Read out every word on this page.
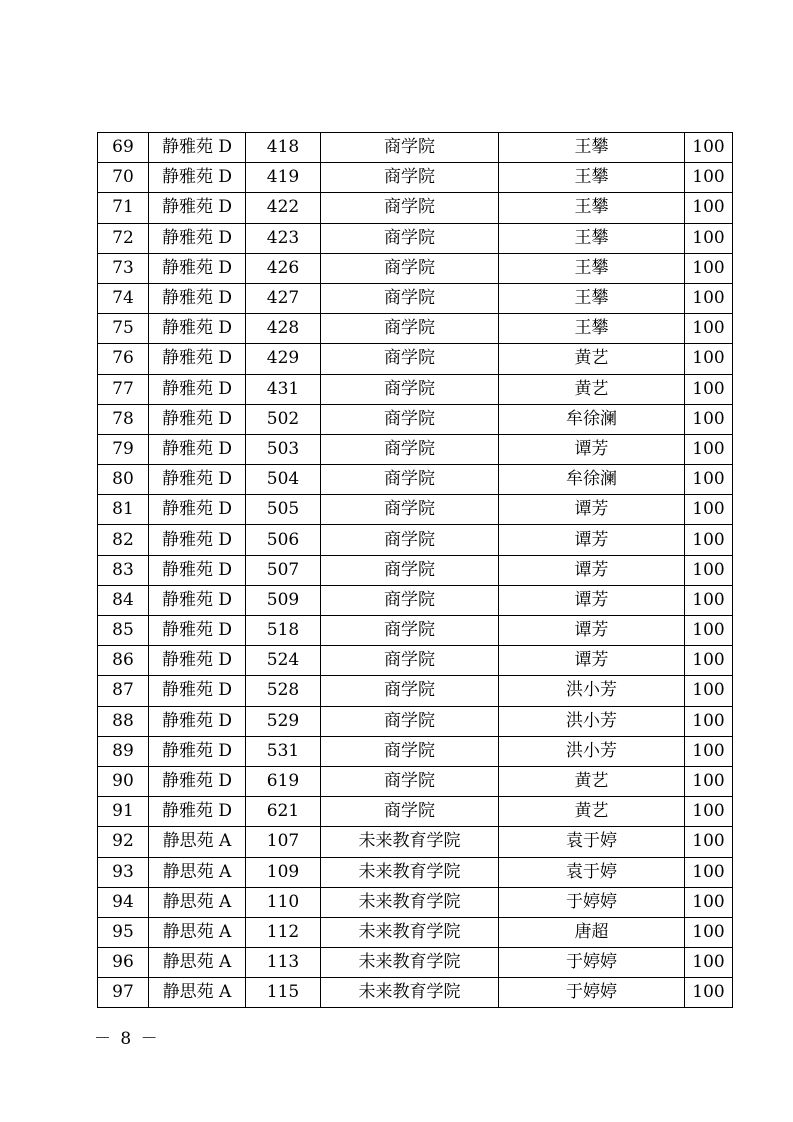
69	静雅苑 D	418	商学院	王攀	100
70	静雅苑 D	419	商学院	王攀	100
71	静雅苑 D	422	商学院	王攀	100
72	静雅苑 D	423	商学院	王攀	100
73	静雅苑 D	426	商学院	王攀	100
74	静雅苑 D	427	商学院	王攀	100
75	静雅苑 D	428	商学院	王攀	100
76	静雅苑 D	429	商学院	黄艺	100
77	静雅苑 D	431	商学院	黄艺	100
78	静雅苑 D	502	商学院	牟徐澜	100
79	静雅苑 D	503	商学院	谭芳	100
80	静雅苑 D	504	商学院	牟徐澜	100
81	静雅苑 D	505	商学院	谭芳	100
82	静雅苑 D	506	商学院	谭芳	100
83	静雅苑 D	507	商学院	谭芳	100
84	静雅苑 D	509	商学院	谭芳	100
85	静雅苑 D	518	商学院	谭芳	100
86	静雅苑 D	524	商学院	谭芳	100
87	静雅苑 D	528	商学院	洪小芳	100
88	静雅苑 D	529	商学院	洪小芳	100
89	静雅苑 D	531	商学院	洪小芳	100
90	静雅苑 D	619	商学院	黄艺	100
91	静雅苑 D	621	商学院	黄艺	100
92	静思苑 A	107	未来教育学院	袁于婷	100
93	静思苑 A	109	未来教育学院	袁于婷	100
94	静思苑 A	110	未来教育学院	于婷婷	100
95	静思苑 A	112	未来教育学院	唐超	100
96	静思苑 A	113	未来教育学院	于婷婷	100
97	静思苑 A	115	未来教育学院	于婷婷	100
－ 8 －
